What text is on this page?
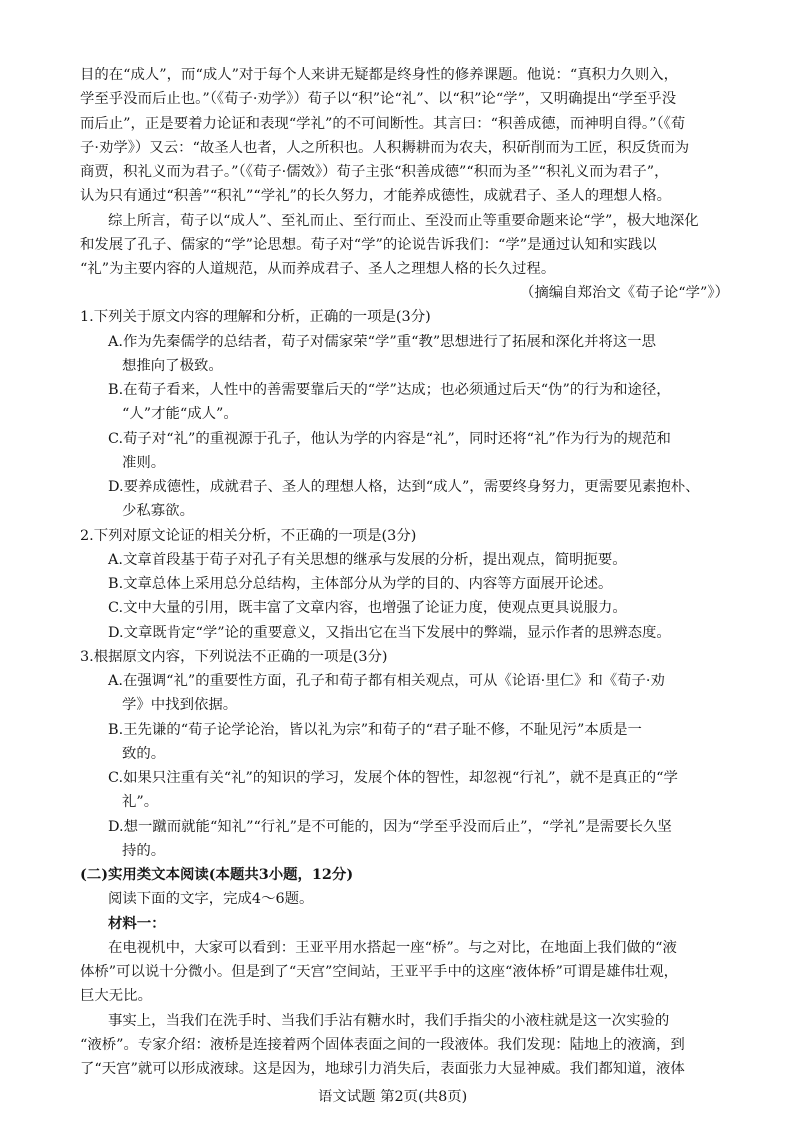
目的在“成人”，而“成人”对于每个人来讲无疑都是终身性的修养课题。他说：“真积力久则入，
学至乎没而后止也。”（《荀子·劝学》）荀子以“积”论“礼”、以“积”论“学”，又明确提出“学至乎没
而后止”，正是要着力论证和表现“学礼”的不可间断性。其言曰：“积善成德，而神明自得。”（《荀
子·劝学》）又云：“故圣人也者，人之所积也。人积耨耕而为农夫，积斫削而为工匠，积反货而为
商贾，积礼义而为君子。”（《荀子·儒效》）荀子主张“积善成德”“积而为圣”“积礼义而为君子”，
认为只有通过“积善”“积礼”“学礼”的长久努力，才能养成德性，成就君子、圣人的理想人格。
综上所言，荀子以“成人”、至礼而止、至行而止、至没而止等重要命题来论“学”，极大地深化
和发展了孔子、儒家的“学”论思想。荀子对“学”的论说告诉我们：“学”是通过认知和实践以
“礼”为主要内容的人道规范，从而养成君子、圣人之理想人格的长久过程。
（摘编自郑治文《荀子论“学”》）
1.下列关于原文内容的理解和分析，正确的一项是(3分)
A.作为先秦儒学的总结者，荀子对儒家荣“学”重“教”思想进行了拓展和深化并将这一思
想推向了极致。
B.在荀子看来，人性中的善需要靠后天的“学”达成；也必须通过后天“伪”的行为和途径，
“人”才能“成人”。
C.荀子对“礼”的重视源于孔子，他认为学的内容是“礼”，同时还将“礼”作为行为的规范和
准则。
D.要养成德性，成就君子、圣人的理想人格，达到“成人”，需要终身努力，更需要见素抱朴、
少私寡欲。
2.下列对原文论证的相关分析，不正确的一项是(3分)
A.文章首段基于荀子对孔子有关思想的继承与发展的分析，提出观点，简明扼要。
B.文章总体上采用总分总结构，主体部分从为学的目的、内容等方面展开论述。
C.文中大量的引用，既丰富了文章内容，也增强了论证力度，使观点更具说服力。
D.文章既肯定“学”论的重要意义，又指出它在当下发展中的弊端，显示作者的思辨态度。
3.根据原文内容，下列说法不正确的一项是(3分)
A.在强调“礼”的重要性方面，孔子和荀子都有相关观点，可从《论语·里仁》和《荀子·劝
学》中找到依据。
B.王先谦的“荀子论学论治，皆以礼为宗”和荀子的“君子耻不修，不耻见污”本质是一
致的。
C.如果只注重有关“礼”的知识的学习，发展个体的智性，却忽视“行礼”，就不是真正的“学
礼”。
D.想一蹴而就能“知礼”“行礼”是不可能的，因为“学至乎没而后止”，“学礼”是需要长久坚
持的。
(二)实用类文本阅读(本题共3小题，12分)
阅读下面的文字，完成4～6题。
材料一：
在电视机中，大家可以看到：王亚平用水搭起一座“桥”。与之对比，在地面上我们做的“液
体桥”可以说十分微小。但是到了“天宫”空间站，王亚平手中的这座“液体桥”可谓是雄伟壮观，
巨大无比。
事实上，当我们在洗手时、当我们手沾有糖水时，我们手指尖的小液柱就是这一次实验的
“液桥”。专家介绍：液桥是连接着两个固体表面之间的一段液体。我们发现：陆地上的液滴，到
了“天宫”就可以形成液球。这是因为，地球引力消失后，表面张力大显神威。我们都知道，液体
语文试题 第2页(共8页)
